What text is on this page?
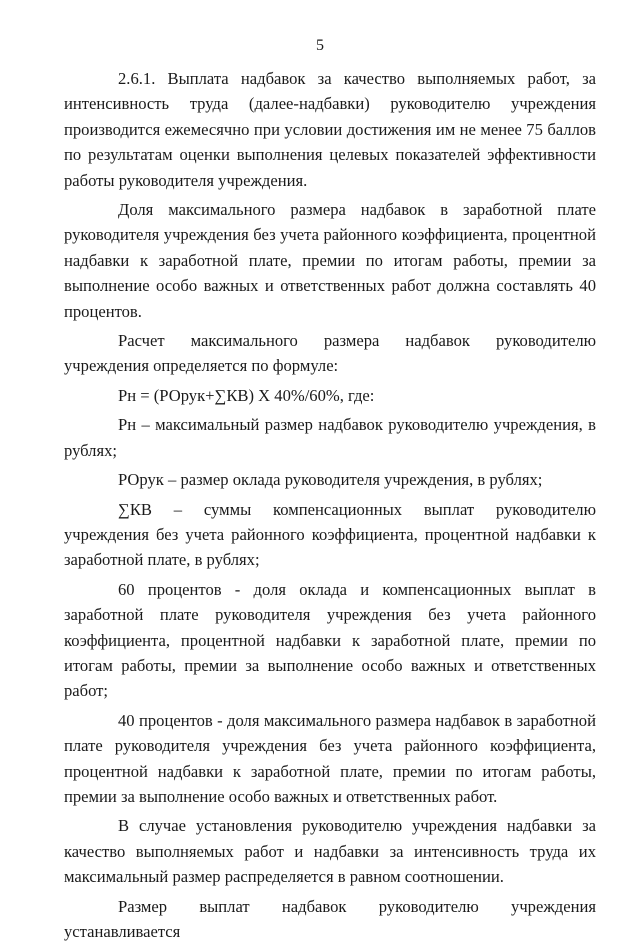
5

2.6.1. Выплата надбавок за качество выполняемых работ, за интенсивность труда (далее-надбавки) руководителю учреждения производится ежемесячно при условии достижения им не менее 75 баллов по результатам оценки выполнения целевых показателей эффективности работы руководителя учреждения.

Доля максимального размера надбавок в заработной плате руководителя учреждения без учета районного коэффициента, процентной надбавки к заработной плате, премии по итогам работы, премии за выполнение особо важных и ответственных работ должна составлять 40 процентов.

Расчет максимального размера надбавок руководителю учреждения определяется по формуле:

Рн = (РОрук+∑КВ) Х 40%/60%, где:

Рн – максимальный размер надбавок руководителю учреждения, в рублях;

РОрук – размер оклада руководителя учреждения, в рублях;

∑КВ – суммы компенсационных выплат руководителю учреждения без учета районного коэффициента, процентной надбавки к заработной плате, в рублях;

60 процентов - доля оклада и компенсационных выплат в заработной плате руководителя учреждения без учета районного коэффициента, процентной надбавки к заработной плате, премии по итогам работы, премии за выполнение особо важных и ответственных работ;

40 процентов - доля максимального размера надбавок в заработной плате руководителя учреждения без учета районного коэффициента, процентной надбавки к заработной плате, премии по итогам работы, премии за выполнение особо важных и ответственных работ.

В случае установления руководителю учреждения надбавки за качество выполняемых работ и надбавки за интенсивность труда их максимальный размер распределяется в равном соотношении.

Размер выплат надбавок руководителю учреждения устанавливается
